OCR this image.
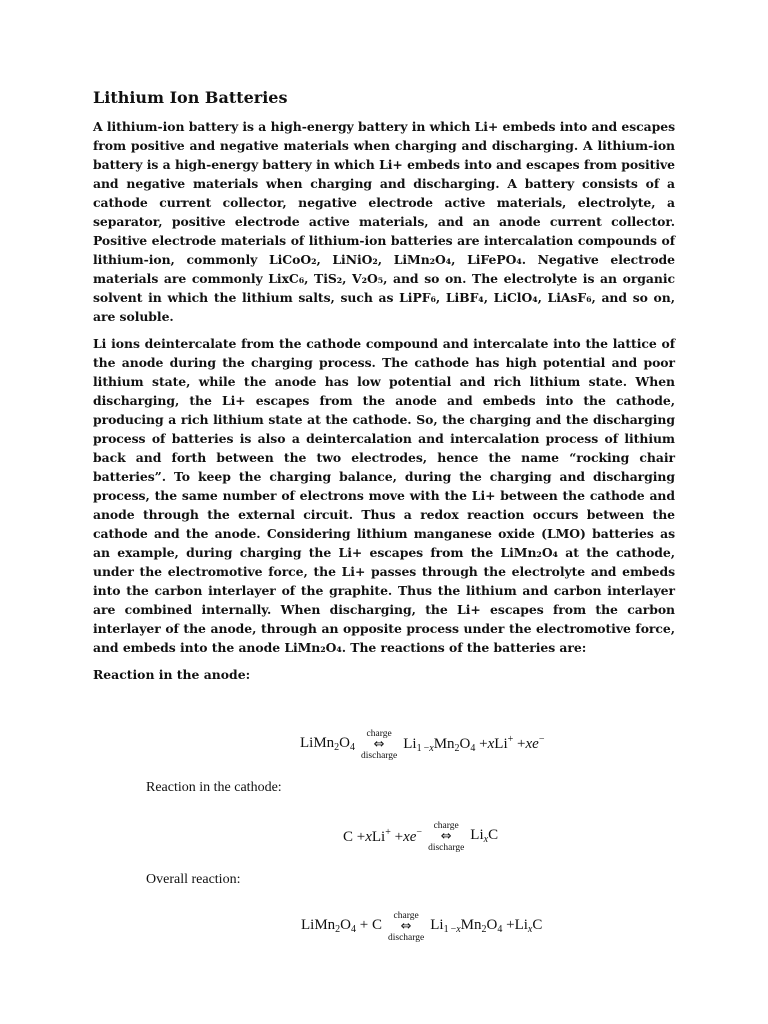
Lithium Ion Batteries

A lithium-ion battery is a high-energy battery in which Li+ embeds into and escapes from positive and negative materials when charging and discharging. A lithium-ion battery is a high-energy battery in which Li+ embeds into and escapes from positive and negative materials when charging and discharging. A battery consists of a cathode current collector, negative electrode active materials, electrolyte, a separator, positive electrode active materials, and an anode current collector. Positive electrode materials of lithium-ion batteries are intercalation compounds of lithium-ion, commonly LiCoO₂, LiNiO₂, LiMn₂O₄, LiFePO₄. Negative electrode materials are commonly LixC₆, TiS₂, V₂O₅, and so on. The electrolyte is an organic solvent in which the lithium salts, such as LiPF₆, LiBF₄, LiClO₄, LiAsF₆, and so on, are soluble.

Li ions deintercalate from the cathode compound and intercalate into the lattice of the anode during the charging process. The cathode has high potential and poor lithium state, while the anode has low potential and rich lithium state. When discharging, the Li+ escapes from the anode and embeds into the cathode, producing a rich lithium state at the cathode. So, the charging and the discharging process of batteries is also a deintercalation and intercalation process of lithium back and forth between the two electrodes, hence the name “rocking chair batteries”. To keep the charging balance, during the charging and discharging process, the same number of electrons move with the Li+ between the cathode and anode through the external circuit. Thus a redox reaction occurs between the cathode and the anode. Considering lithium manganese oxide (LMO) batteries as an example, during charging the Li+ escapes from the LiMn₂O₄ at the cathode, under the electromotive force, the Li+ passes through the electrolyte and embeds into the carbon interlayer of the graphite. Thus the lithium and carbon interlayer are combined internally. When discharging, the Li+ escapes from the carbon interlayer of the anode, through an opposite process under the electromotive force, and embeds into the anode LiMn₂O₄. The reactions of the batteries are:

Reaction in the anode:

$LiMn_2O_4$
charge
⇔
discharge
$Li_{1 -x}Mn_2O_4 +xLi^+ +xe^-$
Reaction in the cathode:
C +xLi+ +xe−
charge
⇔
discharge
$Li_xC$
Overall reaction:
$LiMn_2O_4 + C$
charge
⇔
discharge
$Li_{1 -x}Mn_2O_4 +Li_xC$
